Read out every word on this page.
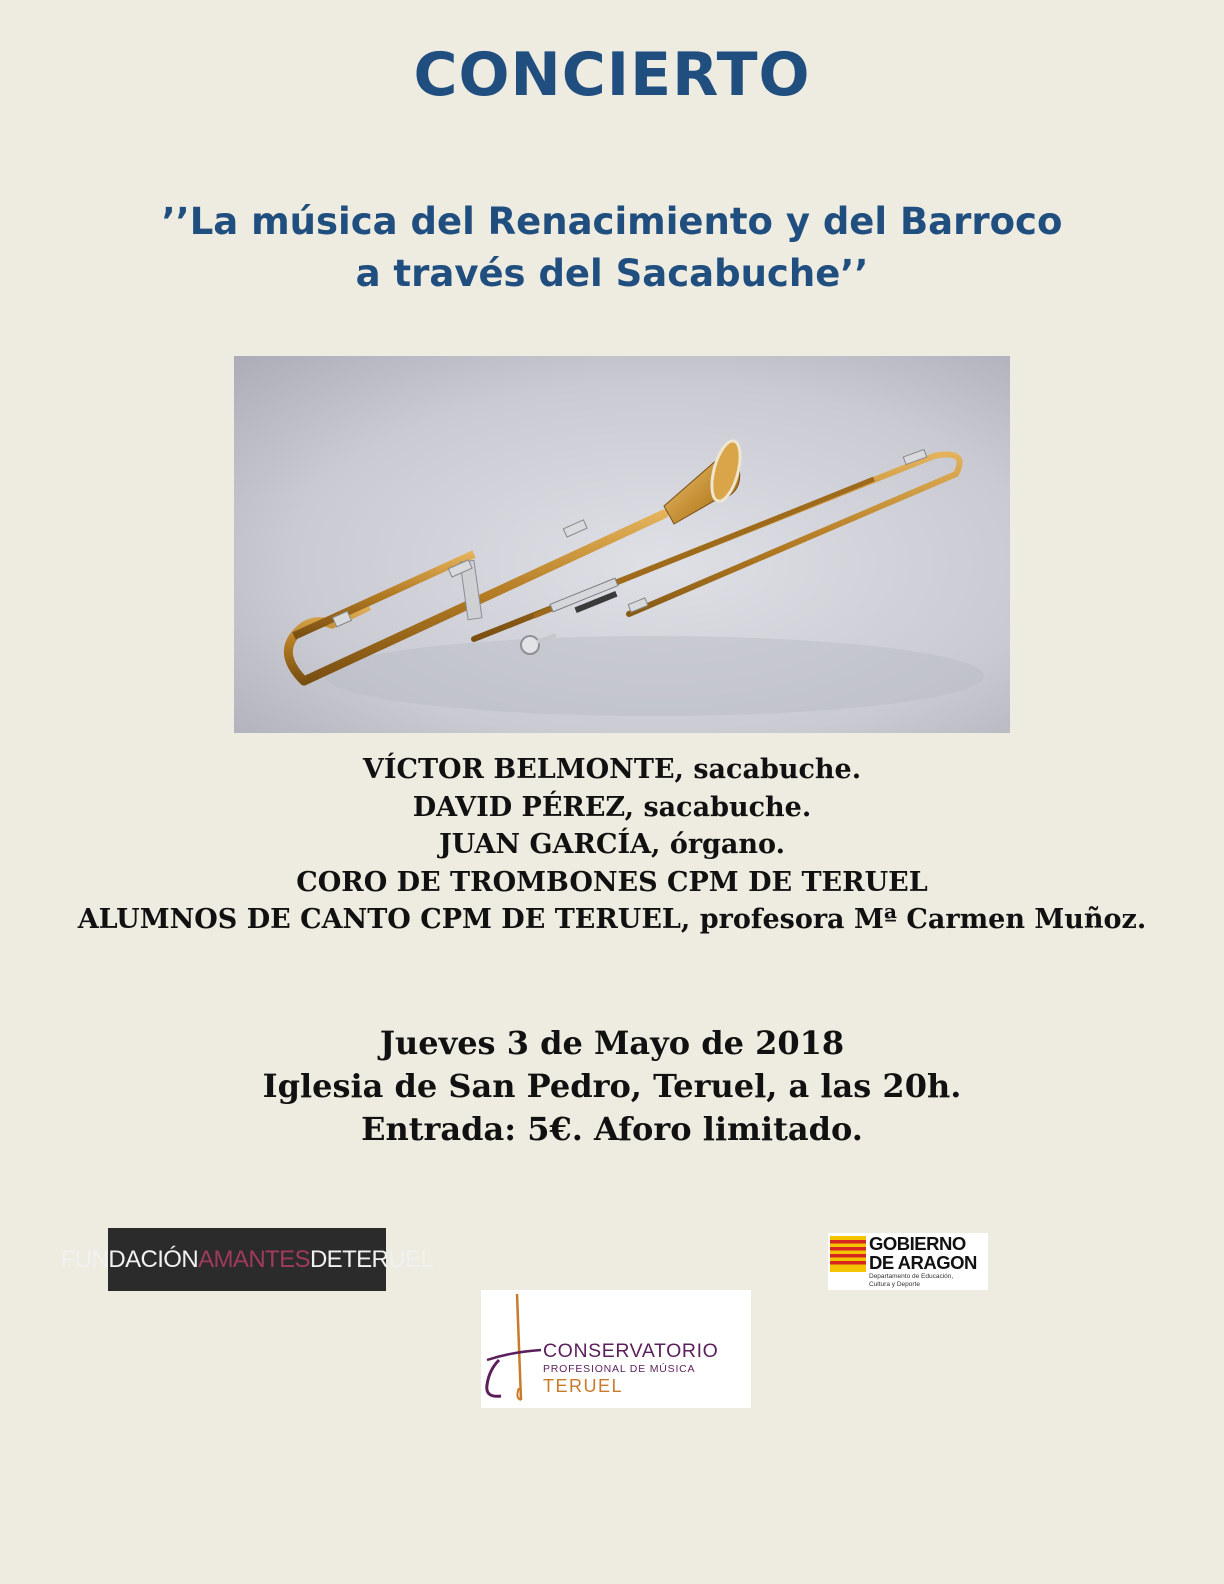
CONCIERTO
’’La música del Renacimiento y del Barroco
a través del Sacabuche’’
VÍCTOR BELMONTE, sacabuche.
DAVID PÉREZ, sacabuche.
JUAN GARCÍA, órgano.
CORO DE TROMBONES CPM DE TERUEL
ALUMNOS DE CANTO CPM DE TERUEL, profesora Mª Carmen Muñoz.
Jueves 3 de Mayo de 2018
Iglesia de San Pedro, Teruel, a las 20h.
Entrada: 5€. Aforo limitado.
FUNDACIÓN AMANTES DE TERUEL
GOBIERNO
DE ARAGON
Departamento de Educación,
Cultura y Deporte
CONSERVATORIO
PROFESIONAL DE MÚSICA
TERUEL
